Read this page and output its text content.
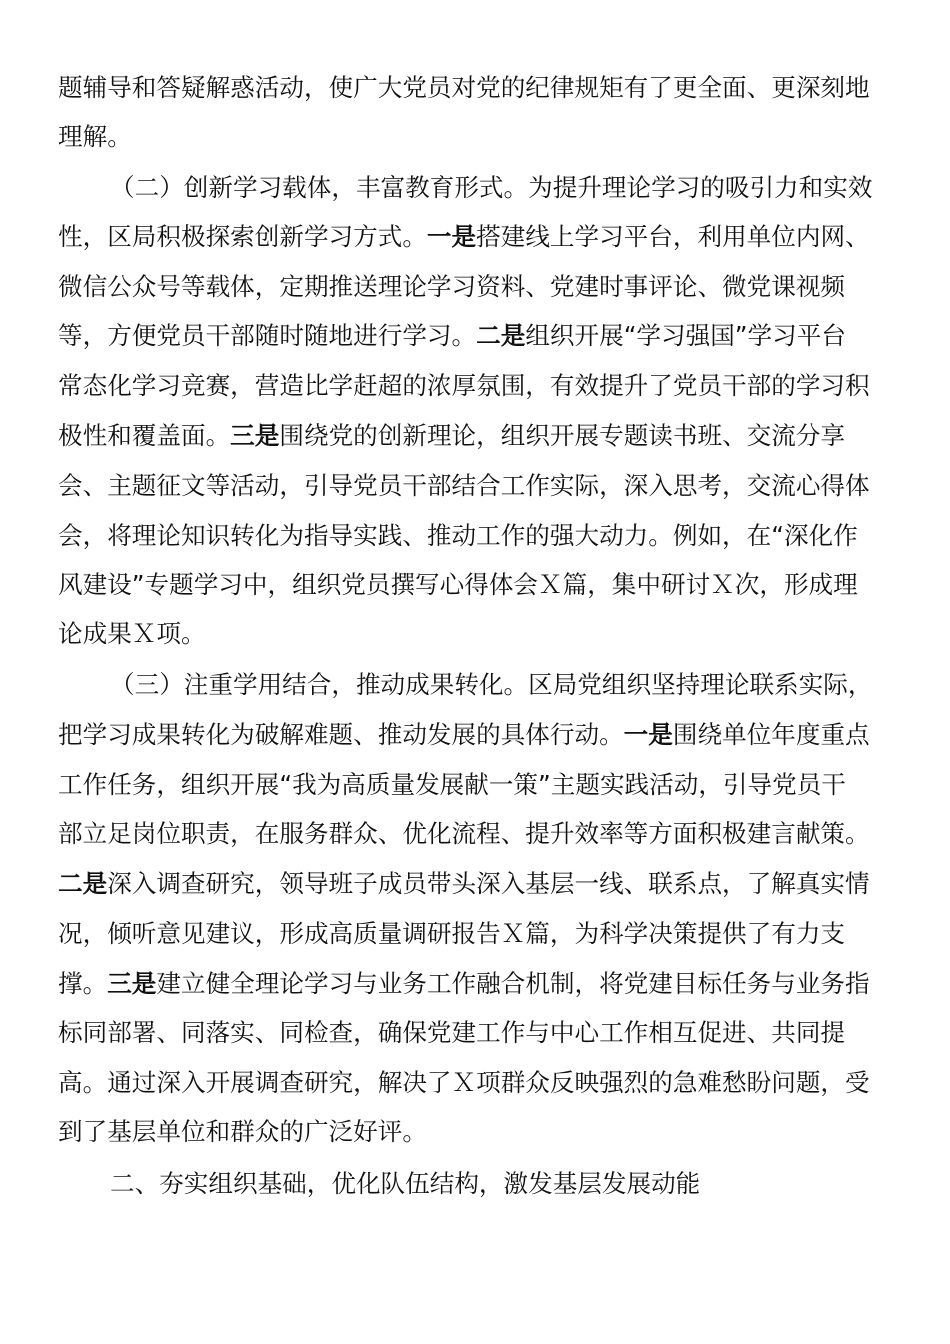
题辅导和答疑解惑活动，使广大党员对党的纪律规矩有了更全面、更深刻地
理解。
（二）创新学习载体，丰富教育形式。为提升理论学习的吸引力和实效
性，区局积极探索创新学习方式。一是搭建线上学习平台，利用单位内网、
微信公众号等载体，定期推送理论学习资料、党建时事评论、微党课视频
等，方便党员干部随时随地进行学习。二是组织开展“学习强国”学习平台
常态化学习竞赛，营造比学赶超的浓厚氛围，有效提升了党员干部的学习积
极性和覆盖面。三是围绕党的创新理论，组织开展专题读书班、交流分享
会、主题征文等活动，引导党员干部结合工作实际，深入思考，交流心得体
会，将理论知识转化为指导实践、推动工作的强大动力。例如，在“深化作
风建设”专题学习中，组织党员撰写心得体会Ｘ篇，集中研讨Ｘ次，形成理
论成果Ｘ项。
（三）注重学用结合，推动成果转化。区局党组织坚持理论联系实际，
把学习成果转化为破解难题、推动发展的具体行动。一是围绕单位年度重点
工作任务，组织开展“我为高质量发展献一策”主题实践活动，引导党员干
部立足岗位职责，在服务群众、优化流程、提升效率等方面积极建言献策。
二是深入调查研究，领导班子成员带头深入基层一线、联系点，了解真实情
况，倾听意见建议，形成高质量调研报告Ｘ篇，为科学决策提供了有力支
撑。三是建立健全理论学习与业务工作融合机制，将党建目标任务与业务指
标同部署、同落实、同检查，确保党建工作与中心工作相互促进、共同提
高。通过深入开展调查研究，解决了Ｘ项群众反映强烈的急难愁盼问题，受
到了基层单位和群众的广泛好评。
二、夯实组织基础，优化队伍结构，激发基层发展动能
